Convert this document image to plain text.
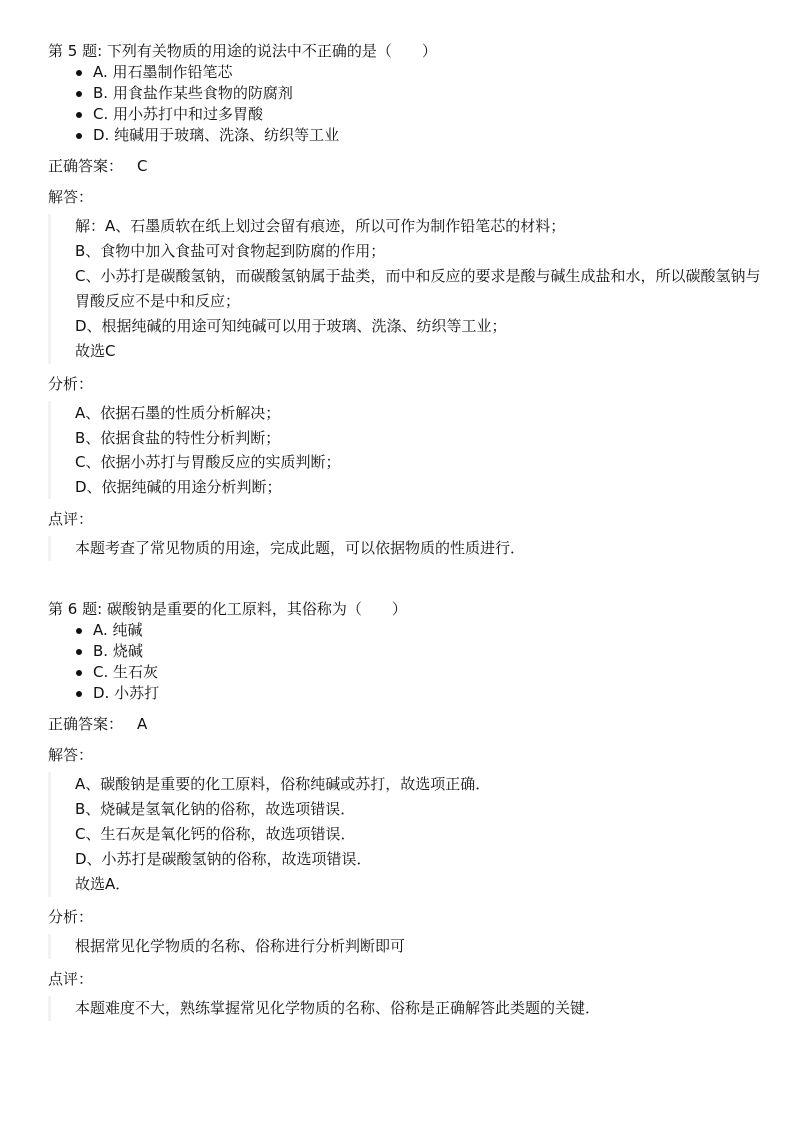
第 5 题: 下列有关物质的用途的说法中不正确的是（　　）

A. 用石墨制作铅笔芯
B. 用食盐作某些食物的防腐剂
C. 用小苏打中和过多胃酸
D. 纯碱用于玻璃、洗涤、纺织等工业
正确答案： C
解答：

解：A、石墨质软在纸上划过会留有痕迹，所以可作为制作铅笔芯的材料；

B、食物中加入食盐可对食物起到防腐的作用；

C、小苏打是碳酸氢钠，而碳酸氢钠属于盐类，而中和反应的要求是酸与碱生成盐和水，所以碳酸氢钠与胃酸反应不是中和反应；

D、根据纯碱的用途可知纯碱可以用于玻璃、洗涤、纺织等工业；

故选C

分析：

A、依据石墨的性质分析解决；

B、依据食盐的特性分析判断；

C、依据小苏打与胃酸反应的实质判断；

D、依据纯碱的用途分析判断；

点评：

本题考查了常见物质的用途，完成此题，可以依据物质的性质进行．

第 6 题: 碳酸钠是重要的化工原料，其俗称为（　　）

A. 纯碱
B. 烧碱
C. 生石灰
D. 小苏打
正确答案： A
解答：

A、碳酸钠是重要的化工原料，俗称纯碱或苏打，故选项正确．

B、烧碱是氢氧化钠的俗称，故选项错误．

C、生石灰是氧化钙的俗称，故选项错误．

D、小苏打是碳酸氢钠的俗称，故选项错误．

故选A．

分析：

根据常见化学物质的名称、俗称进行分析判断即可

点评：

本题难度不大，熟练掌握常见化学物质的名称、俗称是正确解答此类题的关键．
